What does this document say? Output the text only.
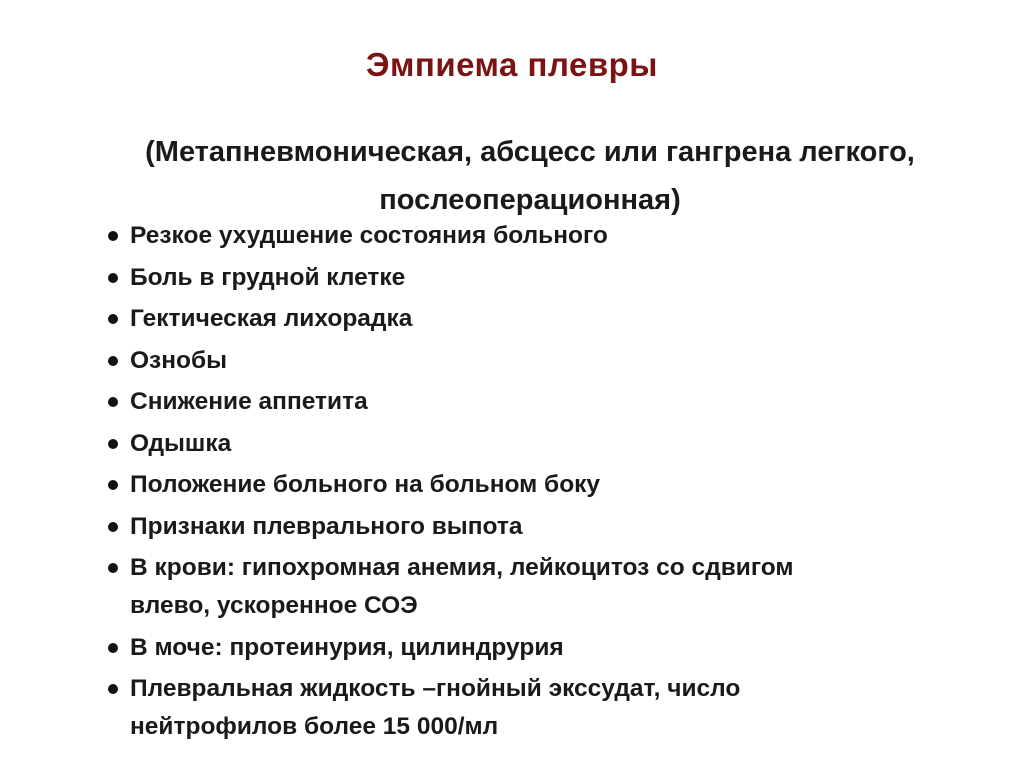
Эмпиема плевры
(Метапневмоническая, абсцесс или гангрена легкого,
послеоперационная)
Резкое ухудшение состояния больного
Боль в грудной клетке
Гектическая лихорадка
Ознобы
Снижение аппетита
Одышка
Положение больного на больном боку
Признаки плеврального выпота
В крови: гипохромная анемия, лейкоцитоз со сдвигом
влево, ускоренное СОЭ
В моче: протеинурия, цилиндрурия
Плевральная жидкость –гнойный экссудат, число
нейтрофилов более 15 000/мл
